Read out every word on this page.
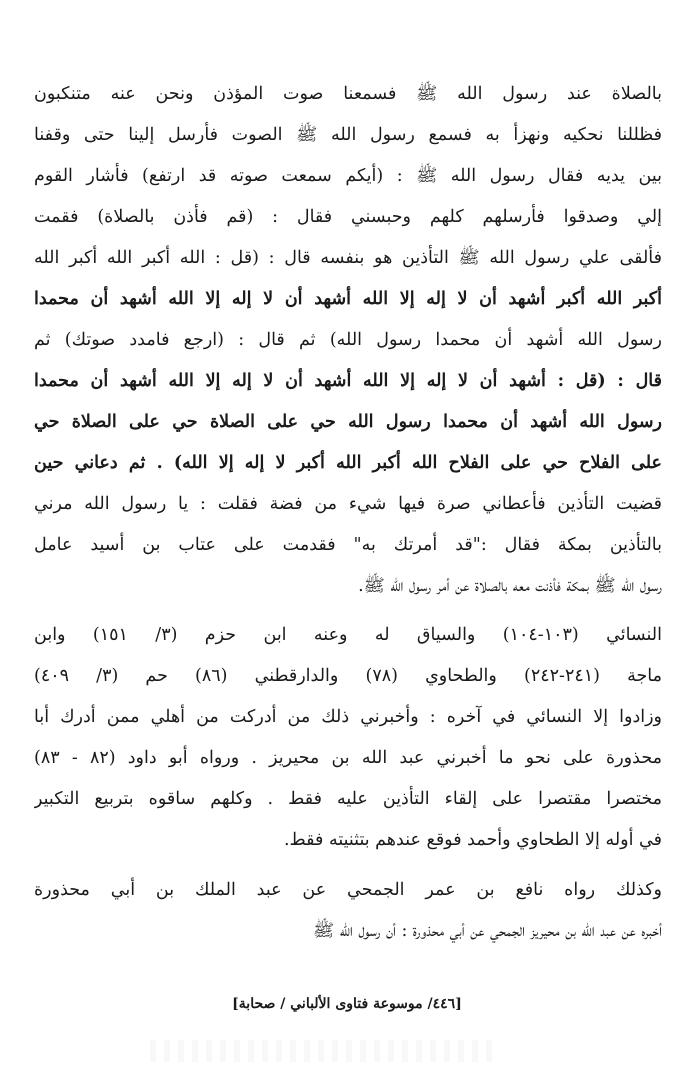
بالصلاة عند رسول الله ﷺ فسمعنا صوت المؤذن ونحن عنه متنكبون
فظللنا نحكيه ونهزأ به فسمع رسول الله ﷺ الصوت فأرسل إلينا حتى وقفنا
بين يديه فقال رسول الله ﷺ : (أيكم سمعت صوته قد ارتفع) فأشار القوم
إلي وصدقوا فأرسلهم كلهم وحبسني فقال : (قم فأذن بالصلاة) فقمت
فألقى علي رسول الله ﷺ التأذين هو بنفسه قال : (قل : الله أكبر الله أكبر الله
أكبر الله أكبر أشهد أن لا إله إلا الله أشهد أن لا إله إلا الله أشهد أن محمدا
رسول الله أشهد أن محمدا رسول الله) ثم قال : (ارجع فامدد صوتك) ثم
قال : (قل : أشهد أن لا إله إلا الله أشهد أن لا إله إلا الله أشهد أن محمدا
رسول الله أشهد أن محمدا رسول الله حي على الصلاة حي على الصلاة حي
على الفلاح حي على الفلاح الله أكبر الله أكبر لا إله إلا الله) . ثم دعاني حين
قضيت التأذين فأعطاني صرة فيها شيء من فضة فقلت : يا رسول الله مرني
بالتأذين بمكة فقال :"قد أمرتك به" فقدمت على عتاب بن أسيد عامل
رسول الله ﷺ بمكة فأذنت معه بالصلاة عن أمر رسول الله ﷺ.
النسائي (١٠٣-١٠٤) والسياق له وعنه ابن حزم (٣/ ١٥١) وابن
ماجة (٢٤١-٢٤٢) والطحاوي (٧٨) والدارقطني (٨٦) حم (٣/ ٤٠٩)
وزادوا إلا النسائي في آخره : وأخبرني ذلك من أدركت من أهلي ممن أدرك أبا
محذورة على نحو ما أخبرني عبد الله بن محيريز . ورواه أبو داود (٨٢ - ٨٣)
مختصرا مقتصرا على إلقاء التأذين عليه فقط . وكلهم ساقوه بتربيع التكبير
في أوله إلا الطحاوي وأحمد فوقع عندهم بتثنيته فقط.
وكذلك رواه نافع بن عمر الجمحي عن عبد الملك بن أبي محذورة
أخبره عن عبد الله بن محيريز الجمحي عن أبي محذورة : أن رسول الله ﷺ
[٤٤٦/ موسوعة فتاوى الألباني / صحابة]
